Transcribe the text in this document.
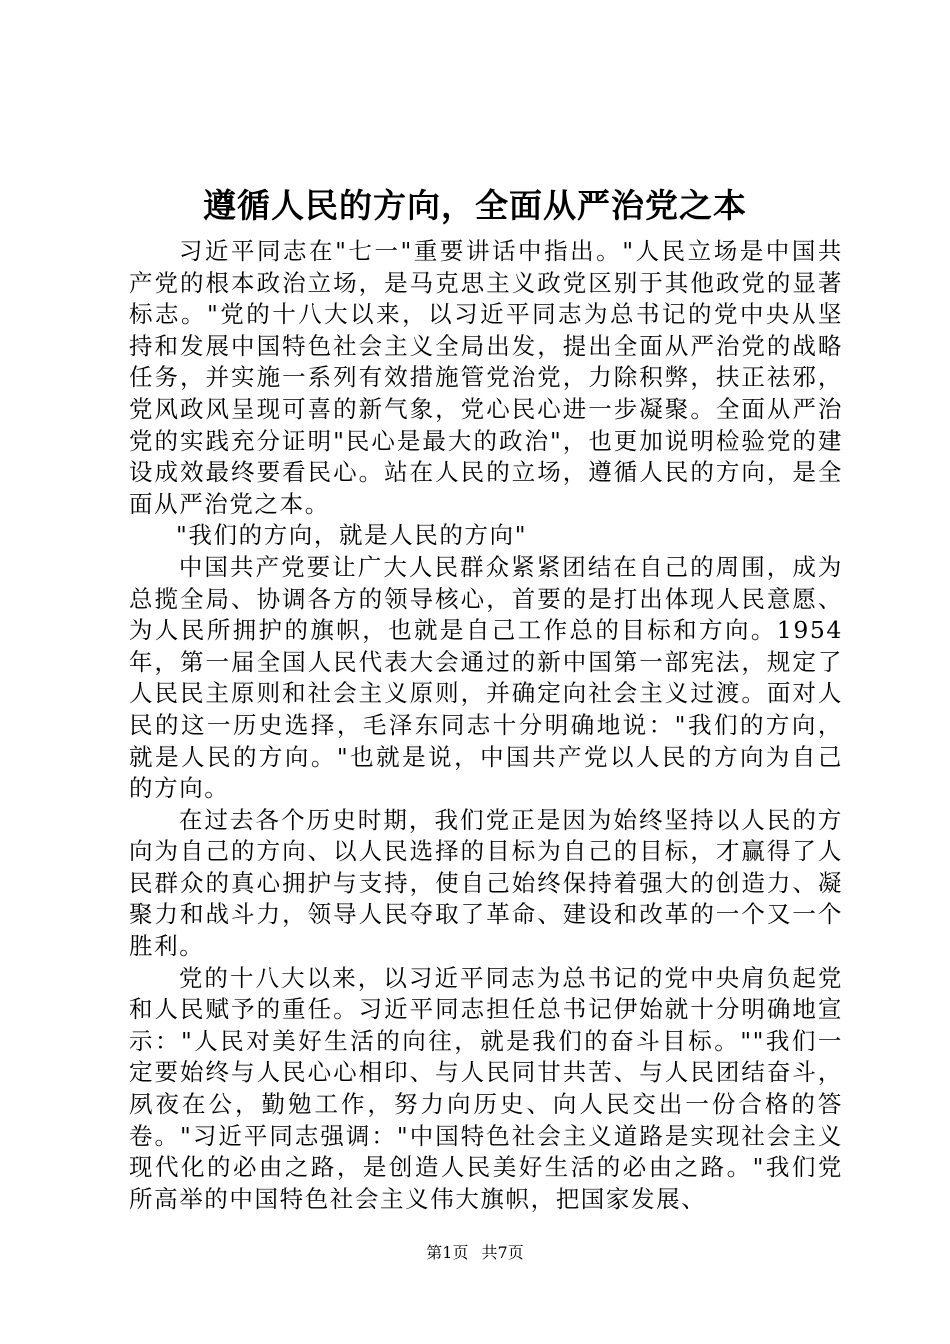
遵循人民的方向，全面从严治党之本

习近平同志在"七一"重要讲话中指出。"人民立场是中国共产党的根本政治立场，是马克思主义政党区别于其他政党的显著标志。"党的十八大以来，以习近平同志为总书记的党中央从坚持和发展中国特色社会主义全局出发，提出全面从严治党的战略任务，并实施一系列有效措施管党治党，力除积弊，扶正祛邪，党风政风呈现可喜的新气象，党心民心进一步凝聚。全面从严治党的实践充分证明"民心是最大的政治"，也更加说明检验党的建设成效最终要看民心。站在人民的立场，遵循人民的方向，是全面从严治党之本。

"我们的方向，就是人民的方向"

中国共产党要让广大人民群众紧紧团结在自己的周围，成为总揽全局、协调各方的领导核心，首要的是打出体现人民意愿、为人民所拥护的旗帜，也就是自己工作总的目标和方向。1954年，第一届全国人民代表大会通过的新中国第一部宪法，规定了人民民主原则和社会主义原则，并确定向社会主义过渡。面对人民的这一历史选择，毛泽东同志十分明确地说："我们的方向，就是人民的方向。"也就是说，中国共产党以人民的方向为自己的方向。

在过去各个历史时期，我们党正是因为始终坚持以人民的方向为自己的方向、以人民选择的目标为自己的目标，才赢得了人民群众的真心拥护与支持，使自己始终保持着强大的创造力、凝聚力和战斗力，领导人民夺取了革命、建设和改革的一个又一个胜利。

党的十八大以来，以习近平同志为总书记的党中央肩负起党和人民赋予的重任。习近平同志担任总书记伊始就十分明确地宣示："人民对美好生活的向往，就是我们的奋斗目标。""我们一定要始终与人民心心相印、与人民同甘共苦、与人民团结奋斗，夙夜在公，勤勉工作，努力向历史、向人民交出一份合格的答卷。"习近平同志强调："中国特色社会主义道路是实现社会主义现代化的必由之路，是创造人民美好生活的必由之路。"我们党所高举的中国特色社会主义伟大旗帜，把国家发展、

第1页 共7页
